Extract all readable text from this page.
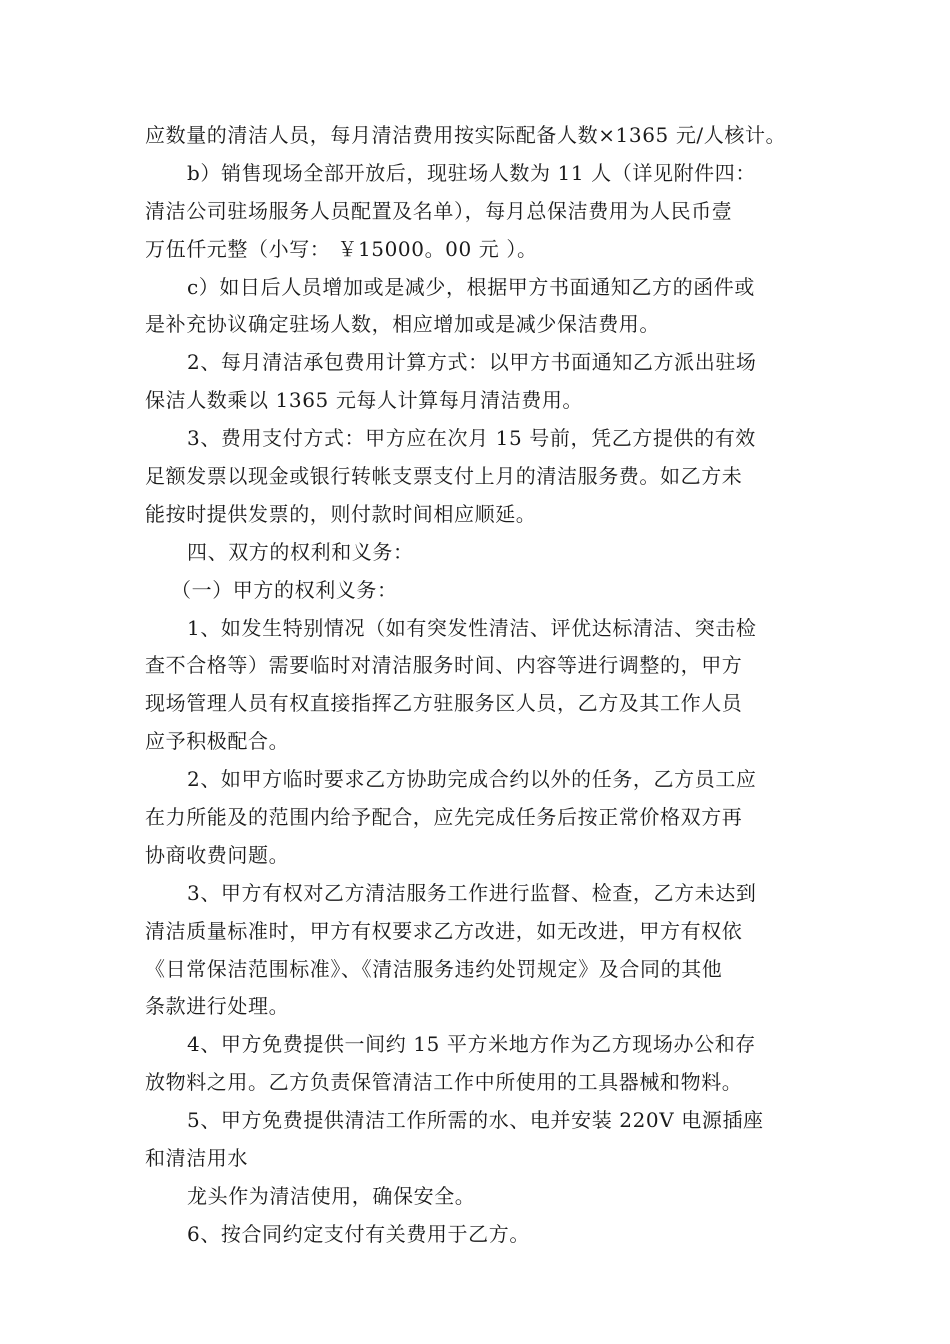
应数量的清洁人员，每月清洁费用按实际配备人数×1365 元/人核计。
b）销售现场全部开放后，现驻场人数为 11 人（详见附件四：
清洁公司驻场服务人员配置及名单），每月总保洁费用为人民币壹
万伍仟元整（小写： ￥15000。00 元 ）。
c）如日后人员增加或是减少，根据甲方书面通知乙方的函件或
是补充协议确定驻场人数，相应增加或是减少保洁费用。
2、每月清洁承包费用计算方式：以甲方书面通知乙方派出驻场
保洁人数乘以 1365 元每人计算每月清洁费用。
3、费用支付方式：甲方应在次月 15 号前，凭乙方提供的有效
足额发票以现金或银行转帐支票支付上月的清洁服务费。如乙方未
能按时提供发票的，则付款时间相应顺延。
四、双方的权利和义务：
（一）甲方的权利义务：
1、如发生特别情况（如有突发性清洁、评优达标清洁、突击检
查不合格等）需要临时对清洁服务时间、内容等进行调整的，甲方
现场管理人员有权直接指挥乙方驻服务区人员，乙方及其工作人员
应予积极配合。
2、如甲方临时要求乙方协助完成合约以外的任务，乙方员工应
在力所能及的范围内给予配合，应先完成任务后按正常价格双方再
协商收费问题。
3、甲方有权对乙方清洁服务工作进行监督、检查，乙方未达到
清洁质量标准时，甲方有权要求乙方改进，如无改进，甲方有权依
《日常保洁范围标准》、《清洁服务违约处罚规定》及合同的其他
条款进行处理。
4、甲方免费提供一间约 15 平方米地方作为乙方现场办公和存
放物料之用。乙方负责保管清洁工作中所使用的工具器械和物料。
5、甲方免费提供清洁工作所需的水、电并安装 220V 电源插座
和清洁用水
龙头作为清洁使用，确保安全。
6、按合同约定支付有关费用于乙方。
